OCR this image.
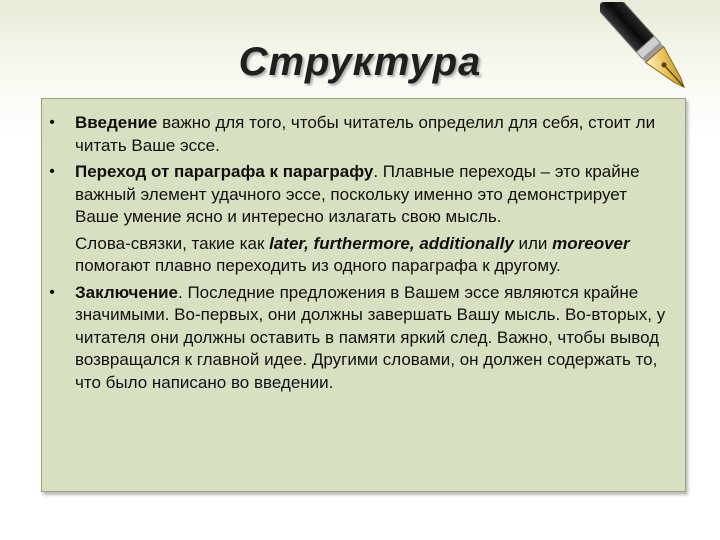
Структура
• Введение важно для того, чтобы читатель определил для себя, стоит ли читать Ваше эссе.
• Переход от параграфа к параграфу. Плавные переходы – это крайне важный элемент удачного эссе, поскольку именно это демонстрирует Ваше умение ясно и интересно излагать свою мысль.
Слова-связки, такие как later, furthermore, additionally или moreover помогают плавно переходить из одного параграфа к другому.
• Заключение. Последние предложения в Вашем эссе являются крайне значимыми. Во-первых, они должны завершать Вашу мысль. Во-вторых, у читателя они должны оставить в памяти яркий след. Важно, чтобы вывод возвращался к главной идее. Другими словами, он должен содержать то, что было написано во введении.
